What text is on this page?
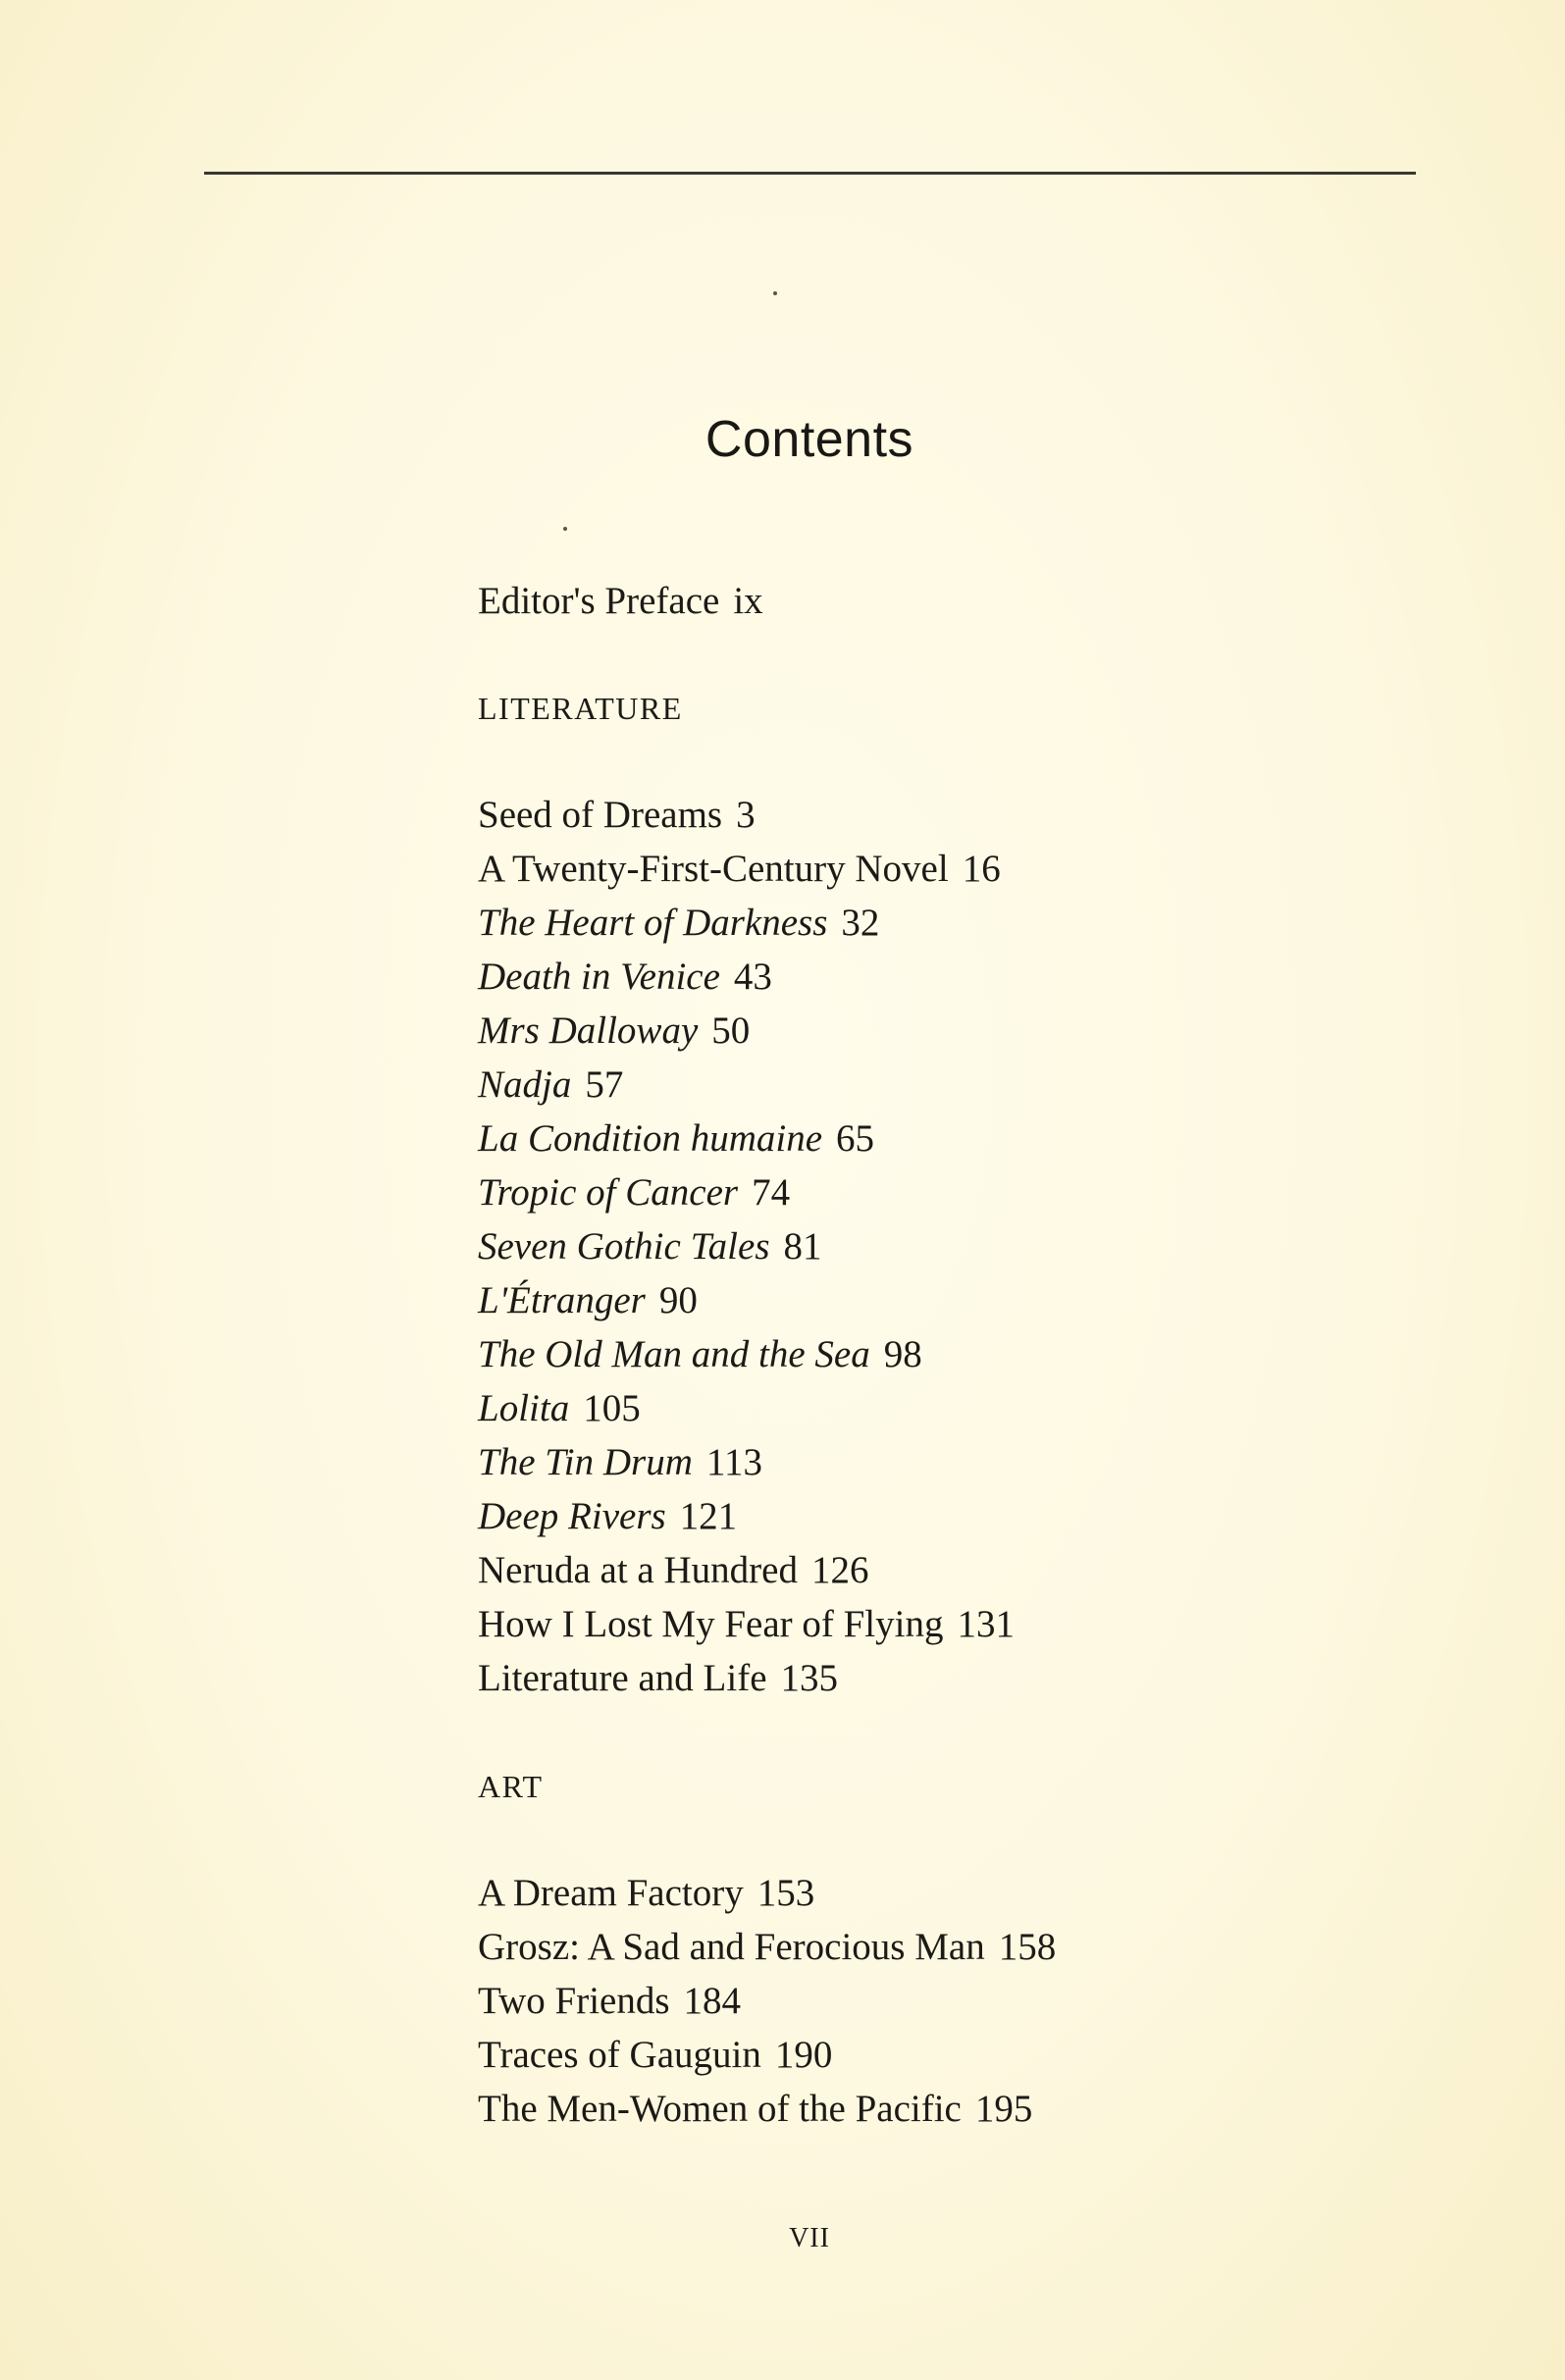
Contents
Editor's Preface ix
LITERATURE
Seed of Dreams 3
A Twenty-First-Century Novel 16
The Heart of Darkness 32
Death in Venice 43
Mrs Dalloway 50
Nadja 57
La Condition humaine 65
Tropic of Cancer 74
Seven Gothic Tales 81
L'Étranger 90
The Old Man and the Sea 98
Lolita 105
The Tin Drum 113
Deep Rivers 121
Neruda at a Hundred 126
How I Lost My Fear of Flying 131
Literature and Life 135
ART
A Dream Factory 153
Grosz: A Sad and Ferocious Man 158
Two Friends 184
Traces of Gauguin 190
The Men-Women of the Pacific 195
VII
